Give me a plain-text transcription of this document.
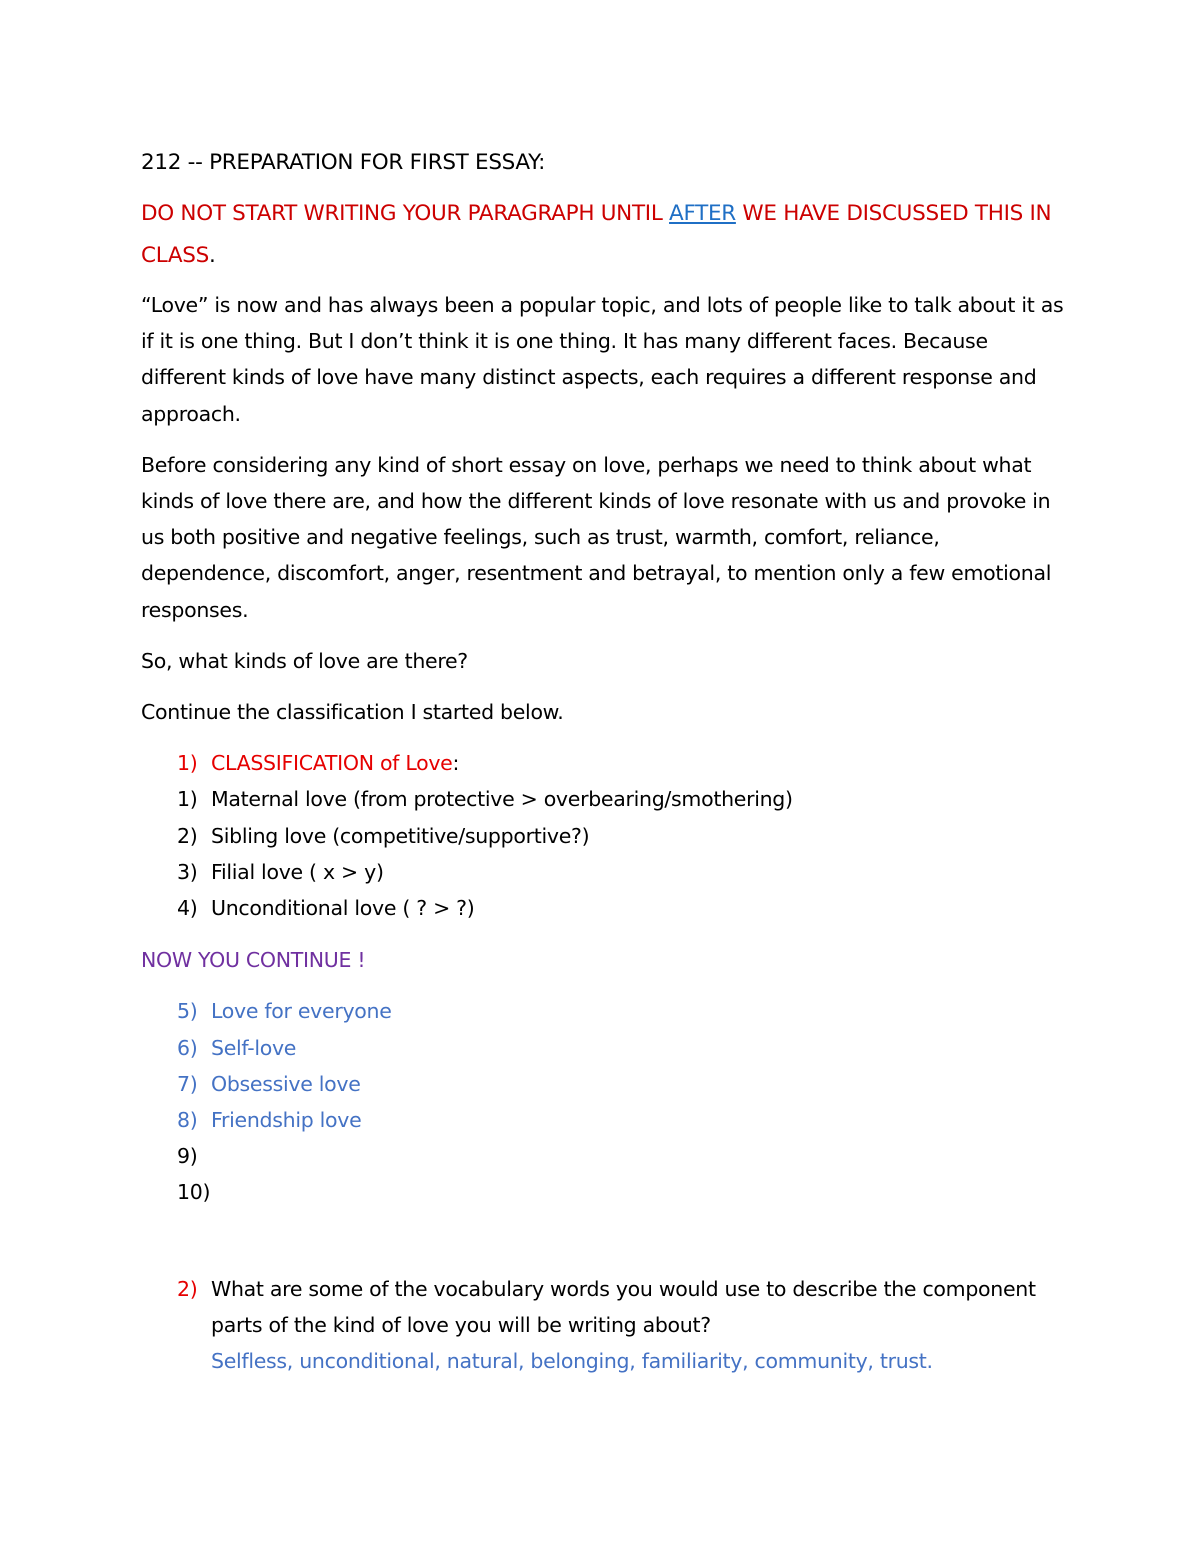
212 -- PREPARATION FOR FIRST ESSAY:
DO NOT START WRITING YOUR PARAGRAPH UNTIL AFTER WE HAVE DISCUSSED THIS IN CLASS.

“Love” is now and has always been a popular topic, and lots of people like to talk about it as if it is one thing. But I don’t think it is one thing. It has many different faces. Because different kinds of love have many distinct aspects, each requires a different response and approach.

Before considering any kind of short essay on love, perhaps we need to think about what kinds of love there are, and how the different kinds of love resonate with us and provoke in us both positive and negative feelings, such as trust, warmth, comfort, reliance, dependence, discomfort, anger, resentment and betrayal, to mention only a few emotional responses.

So, what kinds of love are there?

Continue the classification I started below.

1) CLASSIFICATION of Love:
1) Maternal love (from protective > overbearing/smothering)
2) Sibling love (competitive/supportive?)
3) Filial love ( x > y)
4) Unconditional love ( ? > ?)
NOW YOU CONTINUE !
5) Love for everyone
6) Self-love
7) Obsessive love
8) Friendship love
9)
10)
2) What are some of the vocabulary words you would use to describe the component parts of the kind of love you will be writing about?
Selfless, unconditional, natural, belonging, familiarity, community, trust.
